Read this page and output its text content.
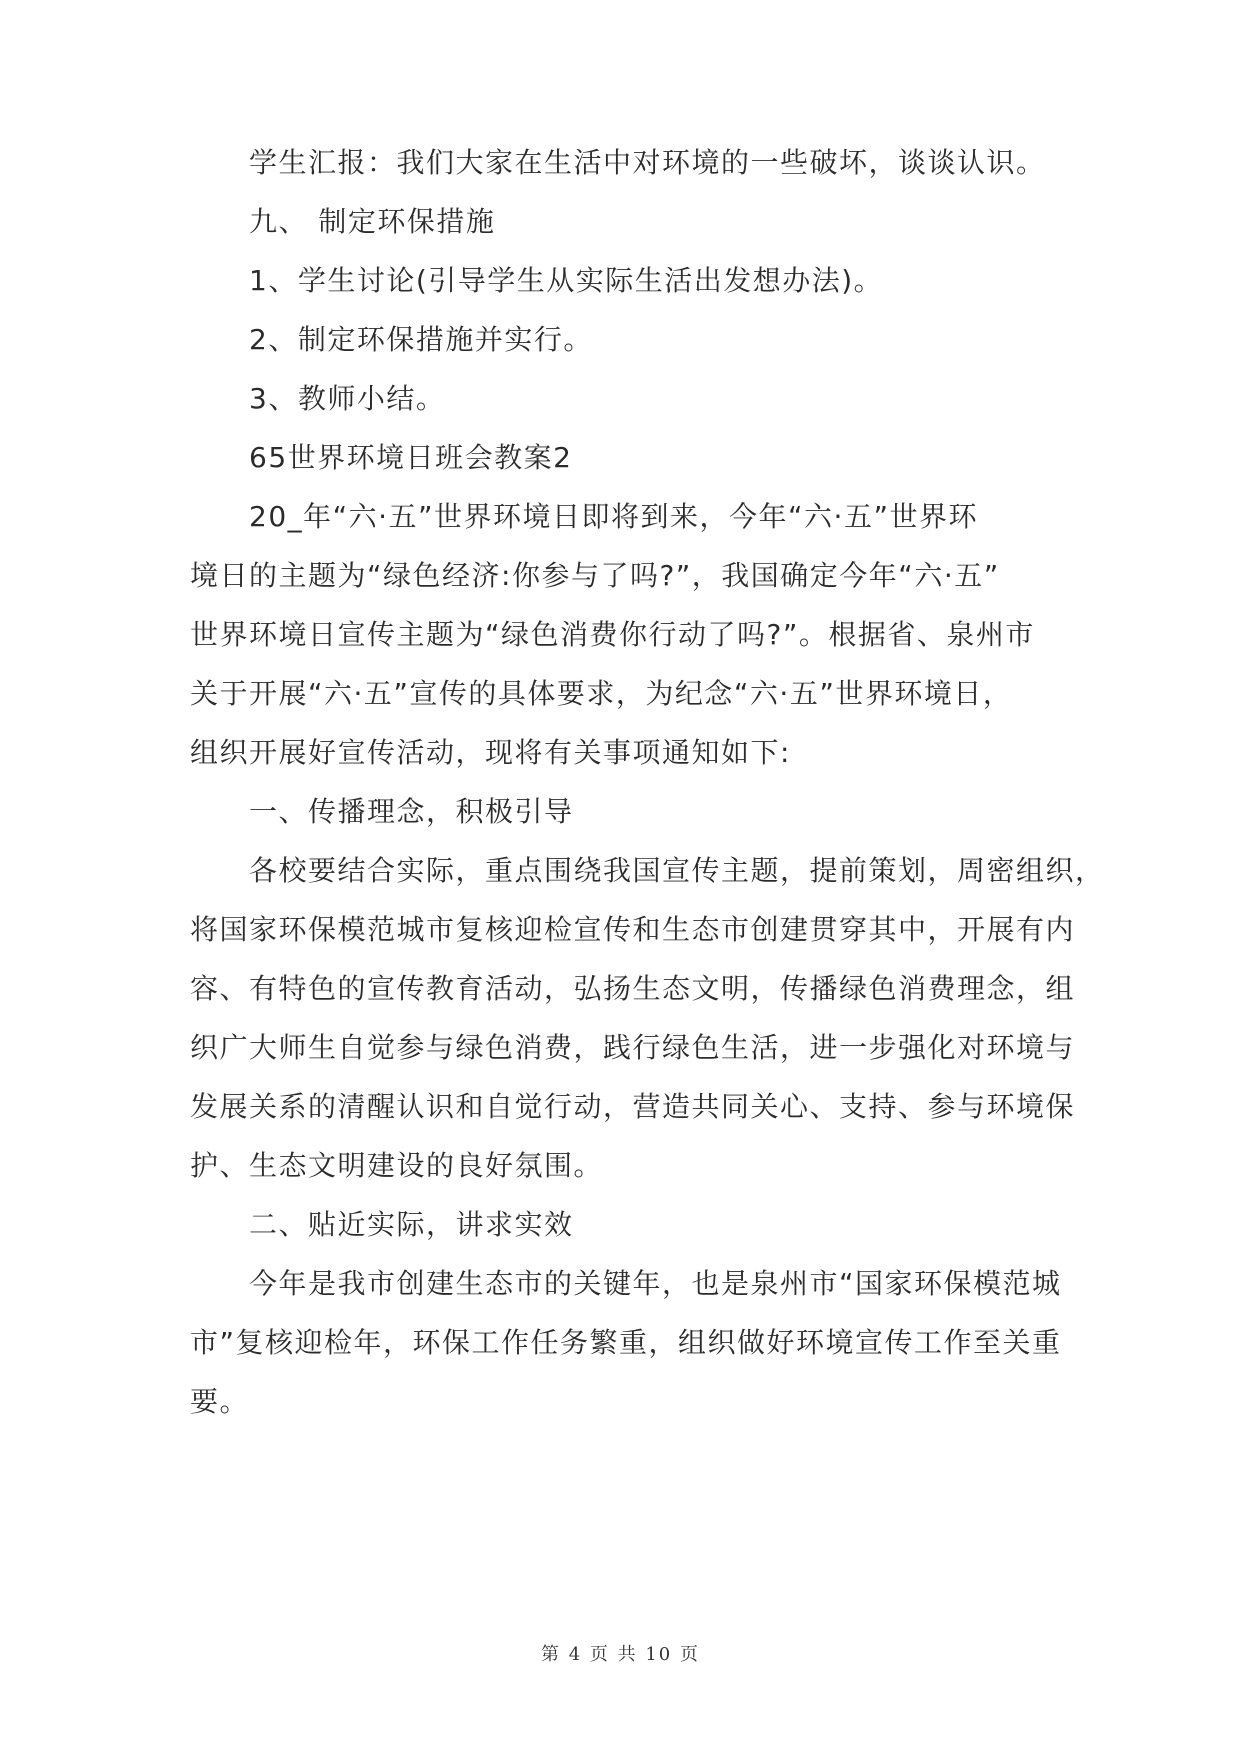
　　学生汇报：我们大家在生活中对环境的一些破坏，谈谈认识。
　　九、 制定环保措施
　　1、学生讨论(引导学生从实际生活出发想办法)。
　　2、制定环保措施并实行。
　　3、教师小结。
　　65世界环境日班会教案2
　　20_年“六·五”世界环境日即将到来，今年“六·五”世界环
境日的主题为“绿色经济:你参与了吗?”，我国确定今年“六·五”
世界环境日宣传主题为“绿色消费你行动了吗?”。根据省、泉州市
关于开展“六·五”宣传的具体要求，为纪念“六·五”世界环境日，
组织开展好宣传活动，现将有关事项通知如下:
　　一、传播理念，积极引导
　　各校要结合实际，重点围绕我国宣传主题，提前策划，周密组织，
将国家环保模范城市复核迎检宣传和生态市创建贯穿其中，开展有内
容、有特色的宣传教育活动，弘扬生态文明，传播绿色消费理念，组
织广大师生自觉参与绿色消费，践行绿色生活，进一步强化对环境与
发展关系的清醒认识和自觉行动，营造共同关心、支持、参与环境保
护、生态文明建设的良好氛围。
　　二、贴近实际，讲求实效
　　今年是我市创建生态市的关键年，也是泉州市“国家环保模范城
市”复核迎检年，环保工作任务繁重，组织做好环境宣传工作至关重
要。
第 4 页 共 10 页
